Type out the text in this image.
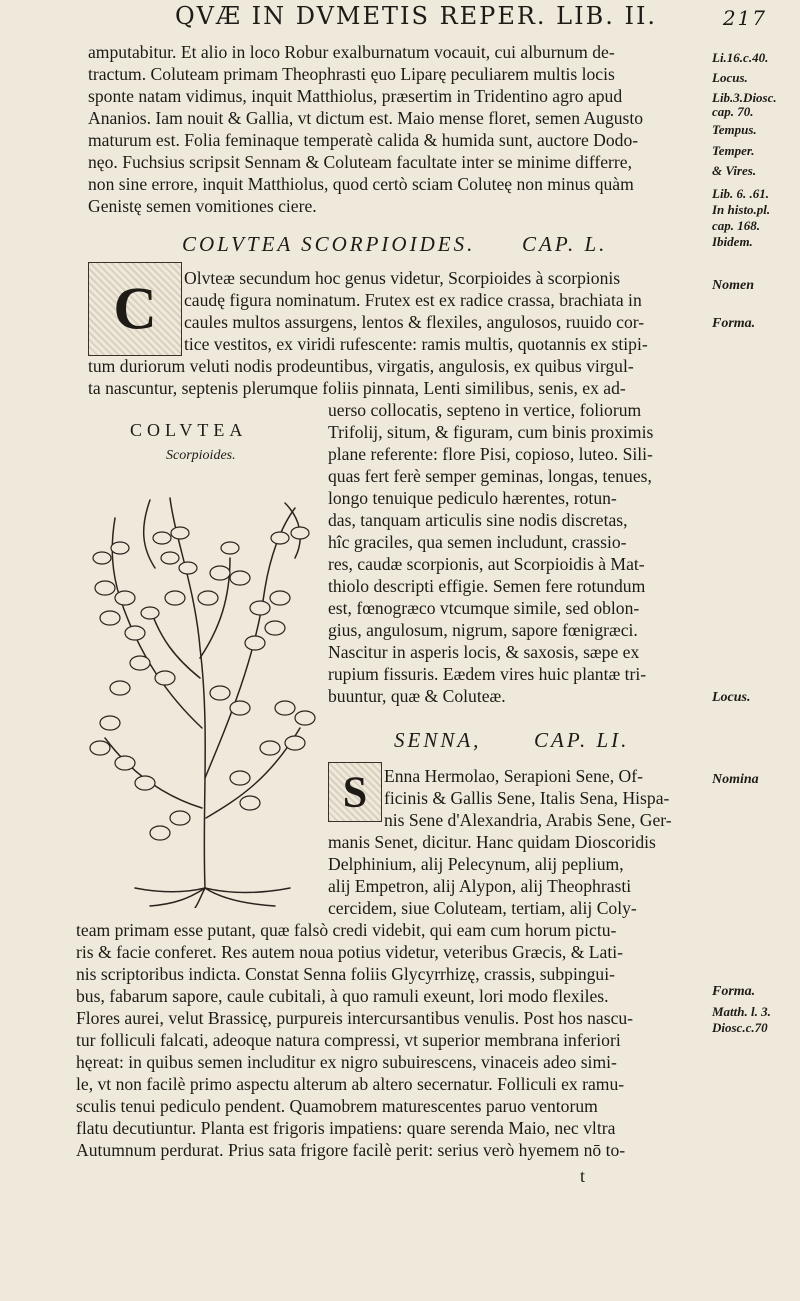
QVÆ IN DVMETIS REPER. LIB. II.	217
amputabitur. Et alio in loco Robur exalburnatum vocauit, cui alburnum de-
tractum. Coluteam primam Theophrasti ęuo Liparę peculiarem multis locis
sponte natam vidimus, inquit Matthiolus, præsertim in Tridentino agro apud
Ananios. Iam nouit & Gallia, vt dictum est. Maio mense floret, semen Augusto
maturum est. Folia feminaque temperatè calida & humida sunt, auctore Dodo-
nęo. Fuchsius scripsit Sennam & Coluteam facultate inter se minime differre,
non sine errore, inquit Matthiolus, quod certò sciam Coluteę non minus quàm
Genistę semen vomitiones ciere.
Li.16.c.40.
Locus.
Lib.3.Diosc.
cap. 70.
Tempus.
Temper.
& Vires.
Lib. 6. .61.
In histo.pl.
cap. 168.
Ibidem.
COLVTEA SCORPIOIDES. CAP. L.
C	Olvteæ secundum hoc genus videtur, Scorpioides à scorpionis
caudę figura nominatum. Frutex est ex radice crassa, brachiata in
caules multos assurgens, lentos & flexiles, angulosos, ruuido cor-
tice vestitos, ex viridi rufescente: ramis multis, quotannis ex stipi-
tum duriorum veluti nodis prodeuntibus, virgatis, angulosis, ex quibus virgul-
ta nascuntur, septenis plerumque foliis pinnata, Lenti similibus, senis, ex ad-
uerso collocatis, septeno in vertice, foliorum
Trifolij, situm, & figuram, cum binis proximis
plane referente: flore Pisi, copioso, luteo. Sili-
quas fert ferè semper geminas, longas, tenues,
longo tenuique pediculo hærentes, rotun-
das, tanquam articulis sine nodis discretas,
hîc graciles, qua semen includunt, crassio-
res, caudæ scorpionis, aut Scorpioidis à Mat-
thiolo descripti effigie. Semen fere rotundum
est, fœnogræco vtcumque simile, sed oblon-
gius, angulosum, nigrum, sapore fœnigræci.
Nascitur in asperis locis, & saxosis, sæpe ex
rupium fissuris. Eædem vires huic plantæ tri-
buuntur, quæ & Coluteæ.
Nomen
Forma.
Locus.
COLVTEA
Scorpioides.
SENNA,	CAP. LI.
S Enna Hermolao, Serapioni Sene, Of-
ficinis & Gallis Sene, Italis Sena, Hispa-
nis Sene d'Alexandria, Arabis Sene, Ger-
manis Senet, dicitur. Hanc quidam Dioscoridis
Delphinium, alij Pelecynum, alij peplium,
alij Empetron, alij Alypon, alij Theophrasti
cercidem, siue Coluteam, tertiam, alij Coly-
team primam esse putant, quæ falsò credi videbit, qui eam cum horum pictu-
ris & facie conferet. Res autem noua potius videtur, veteribus Græcis, & Lati-
nis scriptoribus indicta. Constat Senna foliis Glycyrrhizę, crassis, subpingui-
bus, fabarum sapore, caule cubitali, à quo ramuli exeunt, lori modo flexiles.
Flores aurei, velut Brassicę, purpureis intercursantibus venulis. Post hos nascu-
tur folliculi falcati, adeoque natura compressi, vt superior membrana inferiori
hęreat: in quibus semen includitur ex nigro subuirescens, vinaceis adeo simi-
le, vt non facilè primo aspectu alterum ab altero secernatur. Folliculi ex ramu-
sculis tenui pediculo pendent. Quamobrem maturescentes paruo ventorum
flatu decutiuntur. Planta est frigoris impatiens: quare serenda Maio, nec vltra
Autumnum perdurat. Prius sata frigore facilè perit: serius verò hyemem nō to-
Nomina
Forma.
Matth. l. 3.
Diosc.c.70
t
